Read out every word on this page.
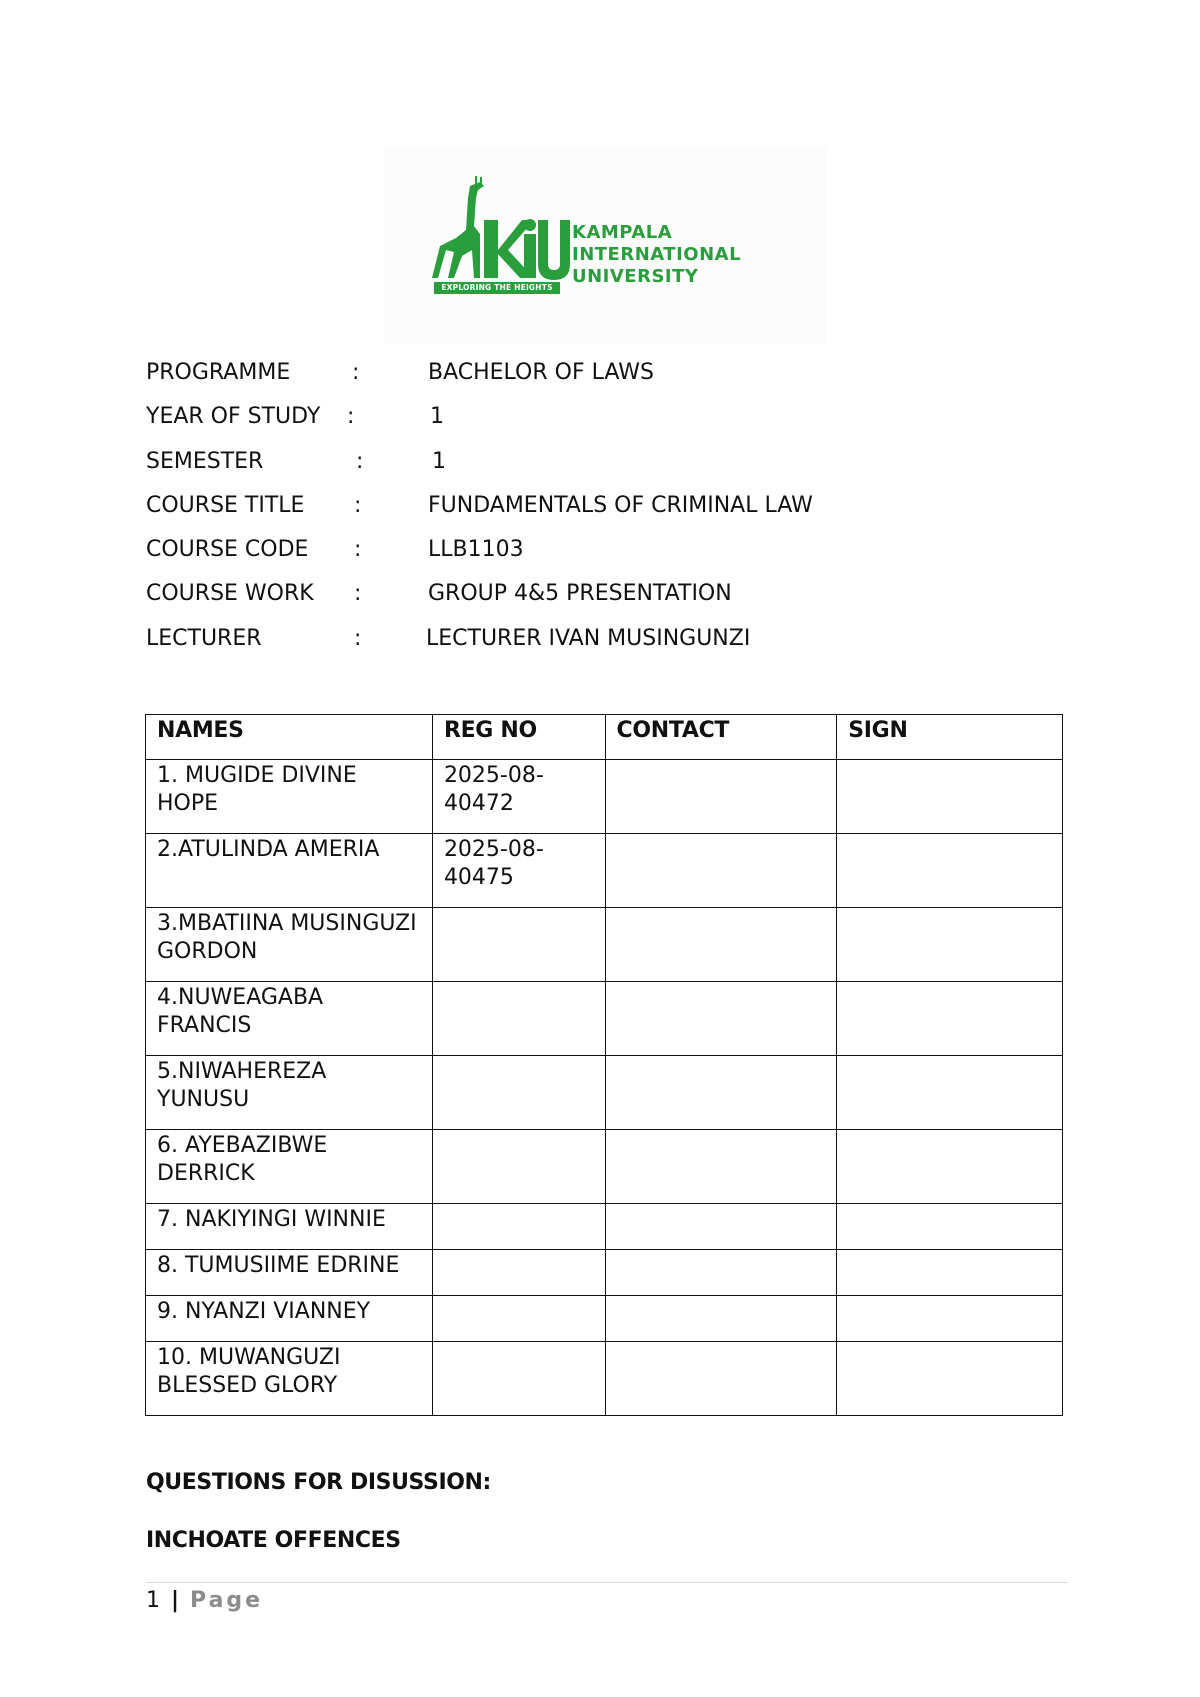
KAMPALA
INTERNATIONAL
UNIVERSITY
EXPLORING THE HEIGHTS
PROGRAMME	:	BACHELOR OF LAWS
YEAR OF STUDY :	1
SEMESTER	:	1
COURSE TITLE :	FUNDAMENTALS OF CRIMINAL LAW
COURSE CODE :	LLB1103
COURSE WORK :	GROUP 4&5 PRESENTATION
LECTURER	:	LECTURER IVAN MUSINGUNZI
NAMES	REG NO	CONTACT	SIGN
1. MUGIDE DIVINE HOPE	2025-08-40472		
2.ATULINDA AMERIA	2025-08-40475		
3.MBATIINA MUSINGUZI GORDON			
4.NUWEAGABA FRANCIS			
5.NIWAHEREZA YUNUSU			
6. AYEBAZIBWE DERRICK			
7. NAKIYINGI WINNIE			
8. TUMUSIIME EDRINE			
9. NYANZI VIANNEY			
10. MUWANGUZI BLESSED GLORY			
QUESTIONS FOR DISUSSION:
INCHOATE OFFENCES
1 | Page
